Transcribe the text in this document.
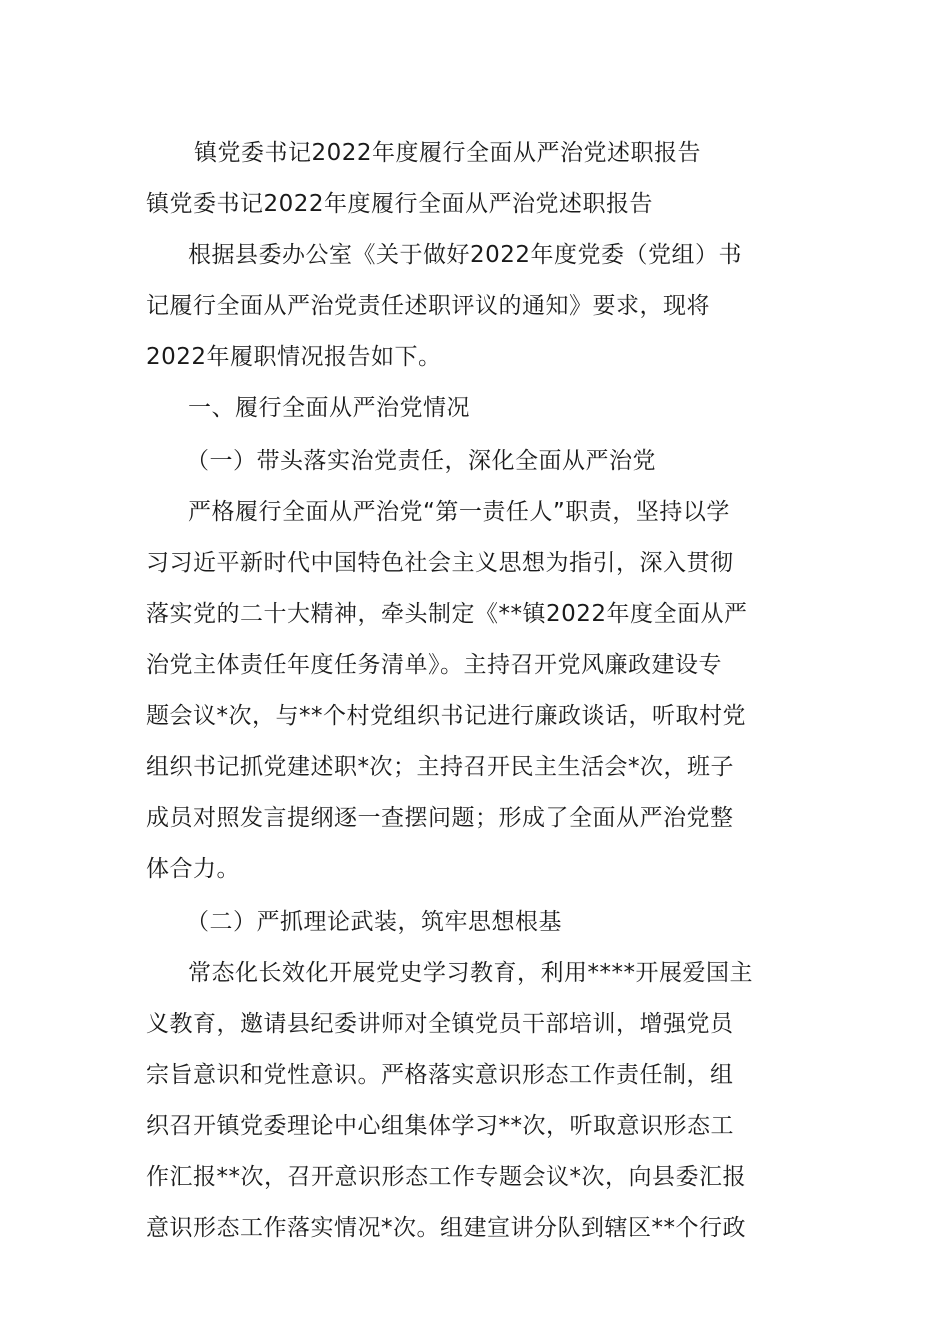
镇党委书记2022年度履行全面从严治党述职报告
镇党委书记2022年度履行全面从严治党述职报告
根据县委办公室《关于做好2022年度党委（党组）书
记履行全面从严治党责任述职评议的通知》要求，现将
2022年履职情况报告如下。
一、履行全面从严治党情况
（一）带头落实治党责任，深化全面从严治党
严格履行全面从严治党“第一责任人”职责，坚持以学
习习近平新时代中国特色社会主义思想为指引，深入贯彻
落实党的二十大精神，牵头制定《**镇2022年度全面从严
治党主体责任年度任务清单》。主持召开党风廉政建设专
题会议*次，与**个村党组织书记进行廉政谈话，听取村党
组织书记抓党建述职*次；主持召开民主生活会*次，班子
成员对照发言提纲逐一查摆问题；形成了全面从严治党整
体合力。
（二）严抓理论武装，筑牢思想根基
常态化长效化开展党史学习教育，利用****开展爱国主
义教育，邀请县纪委讲师对全镇党员干部培训，增强党员
宗旨意识和党性意识。严格落实意识形态工作责任制，组
织召开镇党委理论中心组集体学习**次，听取意识形态工
作汇报**次，召开意识形态工作专题会议*次，向县委汇报
意识形态工作落实情况*次。组建宣讲分队到辖区**个行政
